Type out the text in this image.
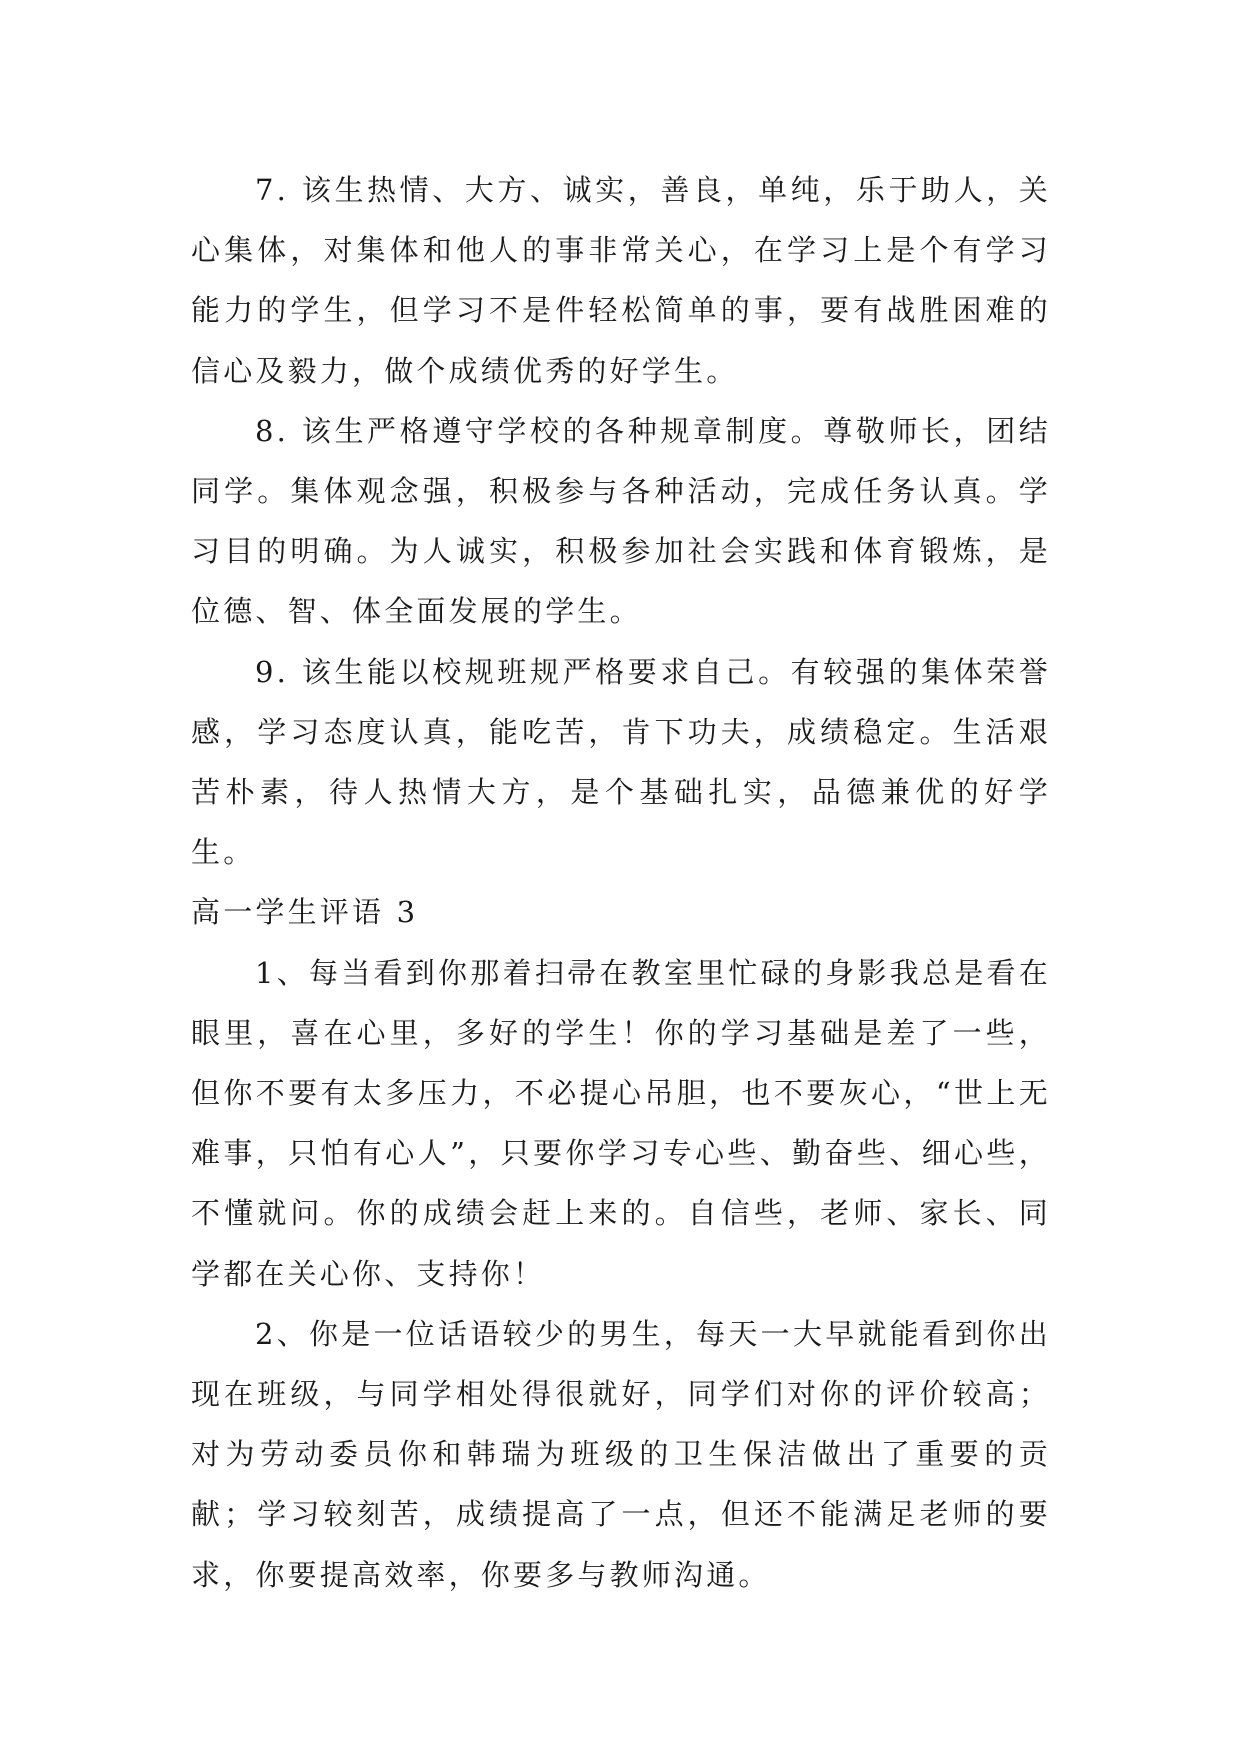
7. 该生热情、大方、诚实，善良，单纯，乐于助人，关心集体，对集体和他人的事非常关心，在学习上是个有学习能力的学生，但学习不是件轻松简单的事，要有战胜困难的信心及毅力，做个成绩优秀的好学生。

8. 该生严格遵守学校的各种规章制度。尊敬师长，团结同学。集体观念强，积极参与各种活动，完成任务认真。学习目的明确。为人诚实，积极参加社会实践和体育锻炼，是位德、智、体全面发展的学生。

9. 该生能以校规班规严格要求自己。有较强的集体荣誉感，学习态度认真，能吃苦，肯下功夫，成绩稳定。生活艰苦朴素，待人热情大方，是个基础扎实，品德兼优的好学生。

高一学生评语 3

1、每当看到你那着扫帚在教室里忙碌的身影我总是看在眼里，喜在心里，多好的学生！你的学习基础是差了一些，但你不要有太多压力，不必提心吊胆，也不要灰心，“世上无难事，只怕有心人”，只要你学习专心些、勤奋些、细心些，不懂就问。你的成绩会赶上来的。自信些，老师、家长、同学都在关心你、支持你！

2、你是一位话语较少的男生，每天一大早就能看到你出现在班级，与同学相处得很就好，同学们对你的评价较高；对为劳动委员你和韩瑞为班级的卫生保洁做出了重要的贡献；学习较刻苦，成绩提高了一点，但还不能满足老师的要求，你要提高效率，你要多与教师沟通。
